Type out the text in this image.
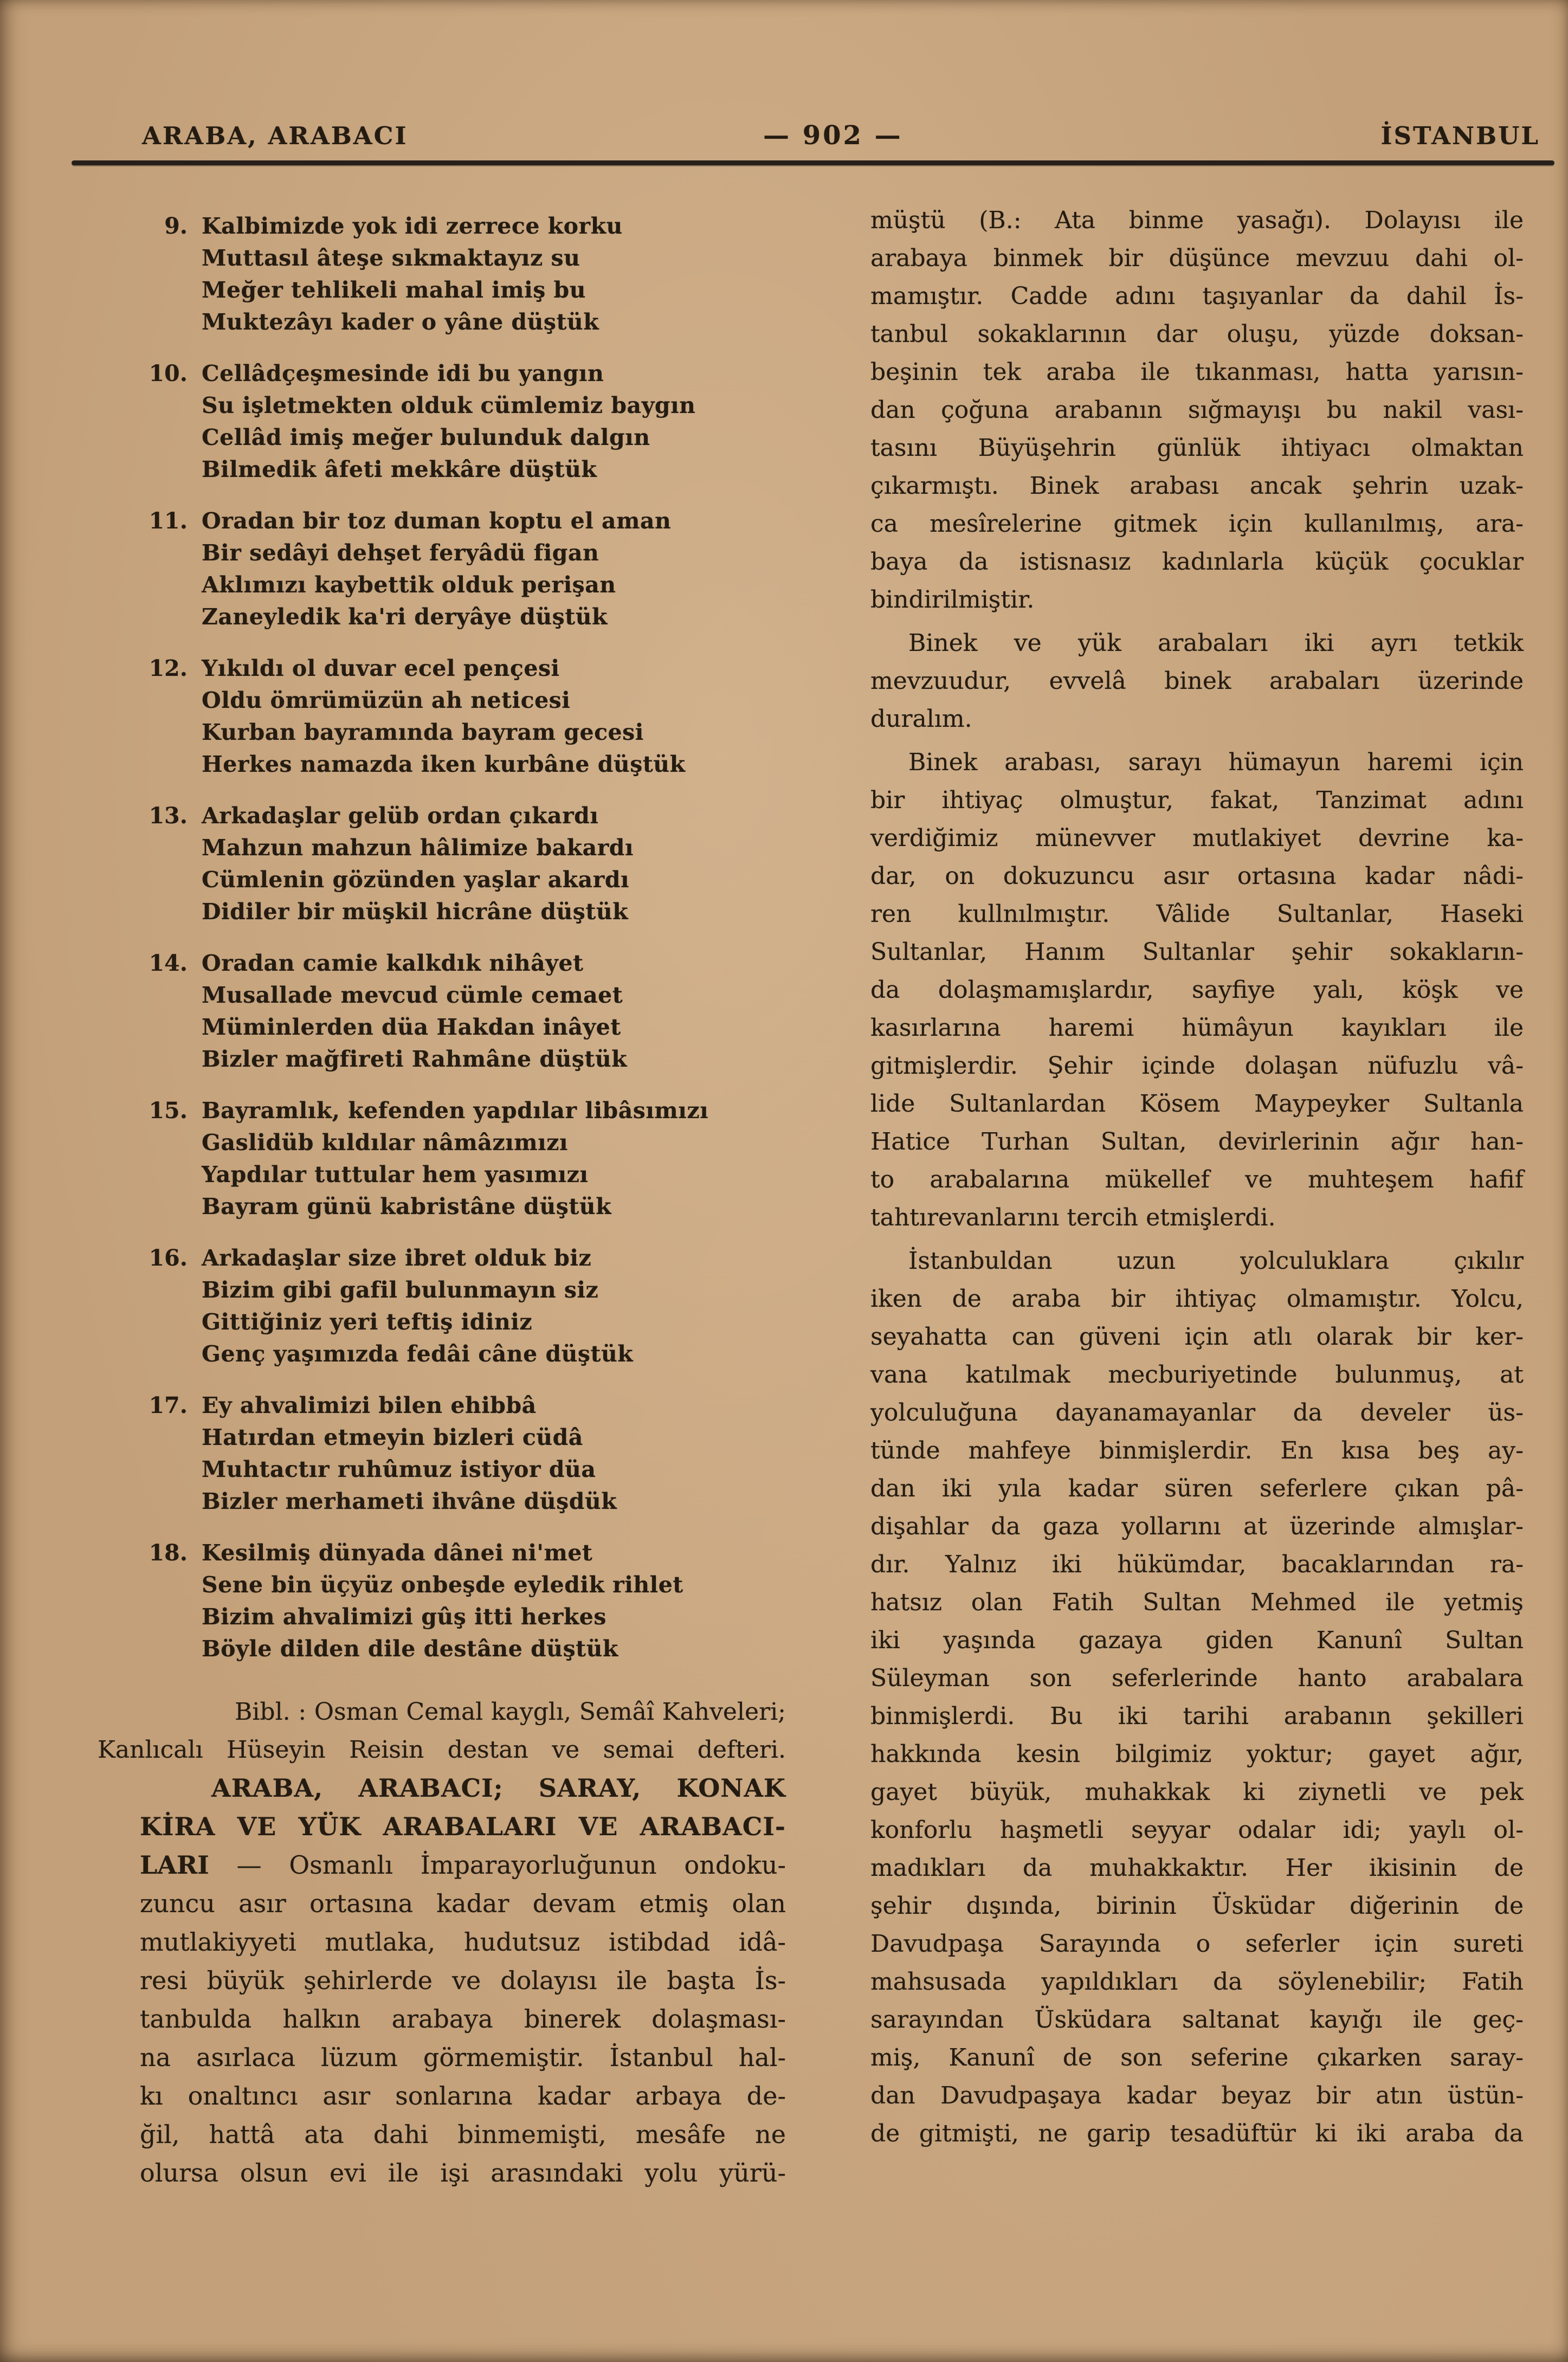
ARABA, ARABACI	— 902 —	İSTANBUL
9. Kalbimizde yok idi zerrece korku
Muttasıl âteşe sıkmaktayız su
Meğer tehlikeli mahal imiş bu
Muktezâyı kader o yâne düştük
10. Cellâdçeşmesinde idi bu yangın
Su işletmekten olduk cümlemiz baygın
Cellâd imiş meğer bulunduk dalgın
Bilmedik âfeti mekkâre düştük
11. Oradan bir toz duman koptu el aman
Bir sedâyi dehşet feryâdü figan
Aklımızı kaybettik olduk perişan
Zaneyledik ka'ri deryâye düştük
12. Yıkıldı ol duvar ecel pençesi
Oldu ömrümüzün ah neticesi
Kurban bayramında bayram gecesi
Herkes namazda iken kurbâne düştük
13. Arkadaşlar gelüb ordan çıkardı
Mahzun mahzun hâlimize bakardı
Cümlenin gözünden yaşlar akardı
Didiler bir müşkil hicrâne düştük
14. Oradan camie kalkdık nihâyet
Musallade mevcud cümle cemaet
Müminlerden düa Hakdan inâyet
Bizler mağfireti Rahmâne düştük
15. Bayramlık, kefenden yapdılar libâsımızı
Gaslidüb kıldılar nâmâzımızı
Yapdılar tuttular hem yasımızı
Bayram günü kabristâne düştük
16. Arkadaşlar size ibret olduk biz
Bizim gibi gafil bulunmayın siz
Gittiğiniz yeri teftiş idiniz
Genç yaşımızda fedâi câne düştük
17. Ey ahvalimizi bilen ehibbâ
Hatırdan etmeyin bizleri cüdâ
Muhtactır ruhûmuz istiyor düa
Bizler merhameti ihvâne düşdük
18. Kesilmiş dünyada dânei ni'met
Sene bin üçyüz onbeşde eyledik rihlet
Bizim ahvalimizi gûş itti herkes
Böyle dilden dile destâne düştük
Bibl. : Osman Cemal kayglı, Semâî Kahveleri;
Kanlıcalı Hüseyin Reisin destan ve semai defteri.
ARABA, ARABACI; SARAY, KONAK
KİRA VE YÜK ARABALARI VE ARABACI-
LARI — Osmanlı İmparayorluğunun ondoku-
zuncu asır ortasına kadar devam etmiş olan
mutlakiyyeti mutlaka, hudutsuz istibdad idâ-
resi büyük şehirlerde ve dolayısı ile başta İs-
tanbulda halkın arabaya binerek dolaşması-
na asırlaca lüzum görmemiştir. İstanbul hal-
kı onaltıncı asır sonlarına kadar arbaya de-
ğil, hattâ ata dahi binmemişti, mesâfe ne
olursa olsun evi ile işi arasındaki yolu yürü-
müştü (B.: Ata binme yasağı). Dolayısı ile
arabaya binmek bir düşünce mevzuu dahi ol-
mamıştır. Cadde adını taşıyanlar da dahil İs-
tanbul sokaklarının dar oluşu, yüzde doksan-
beşinin tek araba ile tıkanması, hatta yarısın-
dan çoğuna arabanın sığmayışı bu nakil vası-
tasını Büyüşehrin günlük ihtiyacı olmaktan
çıkarmıştı. Binek arabası ancak şehrin uzak-
ca mesîrelerine gitmek için kullanılmış, ara-
baya da istisnasız kadınlarla küçük çocuklar
bindirilmiştir.
Binek ve yük arabaları iki ayrı tetkik
mevzuudur, evvelâ binek arabaları üzerinde
duralım.
Binek arabası, sarayı hümayun haremi için
bir ihtiyaç olmuştur, fakat, Tanzimat adını
verdiğimiz münevver mutlakiyet devrine ka-
dar, on dokuzuncu asır ortasına kadar nâdi-
ren kullnılmıştır. Vâlide Sultanlar, Haseki
Sultanlar, Hanım Sultanlar şehir sokakların-
da dolaşmamışlardır, sayfiye yalı, köşk ve
kasırlarına haremi hümâyun kayıkları ile
gitmişlerdir. Şehir içinde dolaşan nüfuzlu vâ-
lide Sultanlardan Kösem Maypeyker Sultanla
Hatice Turhan Sultan, devirlerinin ağır han-
to arabalarına mükellef ve muhteşem hafif
tahtırevanlarını tercih etmişlerdi.
İstanbuldan uzun yolculuklara çıkılır
iken de araba bir ihtiyaç olmamıştır. Yolcu,
seyahatta can güveni için atlı olarak bir ker-
vana katılmak mecburiyetinde bulunmuş, at
yolculuğuna dayanamayanlar da develer üs-
tünde mahfeye binmişlerdir. En kısa beş ay-
dan iki yıla kadar süren seferlere çıkan pâ-
dişahlar da gaza yollarını at üzerinde almışlar-
dır. Yalnız iki hükümdar, bacaklarından ra-
hatsız olan Fatih Sultan Mehmed ile yetmiş
iki yaşında gazaya giden Kanunî Sultan
Süleyman son seferlerinde hanto arabalara
binmişlerdi. Bu iki tarihi arabanın şekilleri
hakkında kesin bilgimiz yoktur; gayet ağır,
gayet büyük, muhakkak ki ziynetli ve pek
konforlu haşmetli seyyar odalar idi; yaylı ol-
madıkları da muhakkaktır. Her ikisinin de
şehir dışında, birinin Üsküdar diğerinin de
Davudpaşa Sarayında o seferler için sureti
mahsusada yapıldıkları da söylenebilir; Fatih
sarayından Üsküdara saltanat kayığı ile geç-
miş, Kanunî de son seferine çıkarken saray-
dan Davudpaşaya kadar beyaz bir atın üstün-
de gitmişti, ne garip tesadüftür ki iki araba da
